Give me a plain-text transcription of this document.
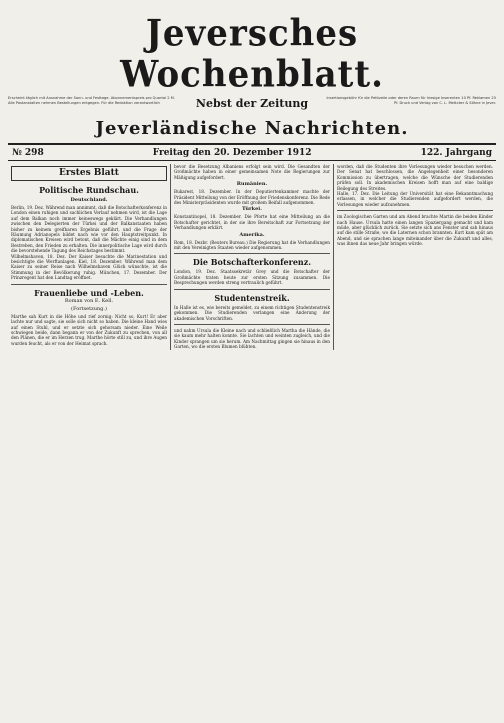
Jeversches Wochenblatt.
Erscheint täglich mit Ausnahme der Sonn- und Festtage. Abonnementspreis pro Quartal 2 M. Alle Postanstalten nehmen Bestellungen entgegen. Für die Redaktion verantwortlich	Nebst der Zeitung	Insertionsgebühr für die Petitzeile oder deren Raum für hiesige Inserenten 10 Pf. Reklamen 25 Pf. Druck und Verlag von C. L. Mettcker & Söhne in Jever.
Jeverländische Nachrichten.
№ 298	Freitag den 20. Dezember 1912	122. Jahrgang
Erstes Blatt
Politische Rundschau.
Deutschland.

Berlin, 19. Dez. Während man annimmt, daß die Botschafterkonferenz in London einen ruhigen und sachlichen Verlauf nehmen wird, ist die Lage auf dem Balkan noch immer keineswegs geklärt. Die Verhandlungen zwischen den Delegierten der Türkei und der Balkanstaaten haben bisher zu keinem greifbaren Ergebnis geführt, und die Frage der Räumung Adrianopels bildet nach wie vor den Hauptstreitpunkt. In diplomatischen Kreisen wird betont, daß die Mächte einig sind in dem Bestreben, den Frieden zu erhalten. Die innerpolitische Lage wird durch die bevorstehende Tagung des Reichstages bestimmt.

Wilhelmshaven, 18. Dez. Der Kaiser besuchte die Marinestation und besichtigte die Werftanlagen. Kiel, 18. Dezember. Während man dem Kaiser zu seiner Reise nach Wilhelmshaven Glück wünschte, ist die Stimmung in der Bevölkerung ruhig. München, 17. Dezember. Der Prinzregent hat den Landtag eröffnet.

Frauenliebe und -Leben.
Roman von E. Kell.
(Fortsetzung.)

Marthe sah Kurt in die Höhe und rief zornig: Nicht so, Kurt! Er aber lachte nur und sagte, sie solle sich nicht so haben. Die kleine Hand wies auf einen Stuhl, und er setzte sich gehorsam nieder. Eine Weile schwiegen beide, dann begann er von der Zukunft zu sprechen, von all den Plänen, die er im Herzen trug. Marthe hörte still zu, und ihre Augen wurden feucht, als er von der Heimat sprach.

bevor die Besetzung Albaniens erfolgt sein wird. Die Gesandten der Großmächte haben in einer gemeinsamen Note die Regierungen zur Mäßigung aufgefordert.

Rumänien.

Bukarest, 18. Dezember. In der Deputiertenkammer machte der Präsident Mitteilung von der Eröffnung der Friedenskonferenz. Die Rede des Ministerpräsidenten wurde mit großem Beifall aufgenommen.

Türkei.

Konstantinopel, 18. Dezember. Die Pforte hat eine Mitteilung an die Botschafter gerichtet, in der sie ihre Bereitschaft zur Fortsetzung der Verhandlungen erklärt.

Amerika.

Rom, 18. Dezbr. (Reuters Bureau.) Die Regierung hat die Verhandlungen mit den Vereinigten Staaten wieder aufgenommen.

Die Botschafterkonferenz.

London, 19. Dez. Staatssekretär Grey und die Botschafter der Großmächte traten heute zur ersten Sitzung zusammen. Die Besprechungen werden streng vertraulich geführt.

Studentenstreik.

In Halle ist es, wie bereits gemeldet, zu einem richtigen Studentenstreik gekommen. Die Studierenden verlangen eine Änderung der akademischen Vorschriften.

und nahm Ursula die Kleine nach und schließlich Martha die Hände, die sie kaum mehr halten konnte. Sie lachten und weinten zugleich, und die Kinder sprangen um sie herum. Am Nachmittag gingen sie hinaus in den Garten, wo die ersten Blumen blühten.

worden, daß die Studenten ihre Vorlesungen wieder besuchen werden. Der Senat hat beschlossen, die Angelegenheit einer besonderen Kommission zu übertragen, welche die Wünsche der Studierenden prüfen soll. In akademischen Kreisen hofft man auf eine baldige Beilegung des Streites.

Halle, 17. Dez. Die Leitung der Universität hat eine Bekanntmachung erlassen, in welcher die Studierenden aufgefordert werden, die Vorlesungen wieder aufzunehmen.

im Zoologischen Garten und am Abend brachte Martin die beiden Kinder nach Hause. Ursula hatte einen langen Spaziergang gemacht und kam müde, aber glücklich zurück. Sie setzte sich ans Fenster und sah hinaus auf die stille Straße, wo die Laternen schon brannten. Kurt kam spät am Abend, und sie sprachen lange miteinander über die Zukunft und alles, was ihnen das neue Jahr bringen würde.
